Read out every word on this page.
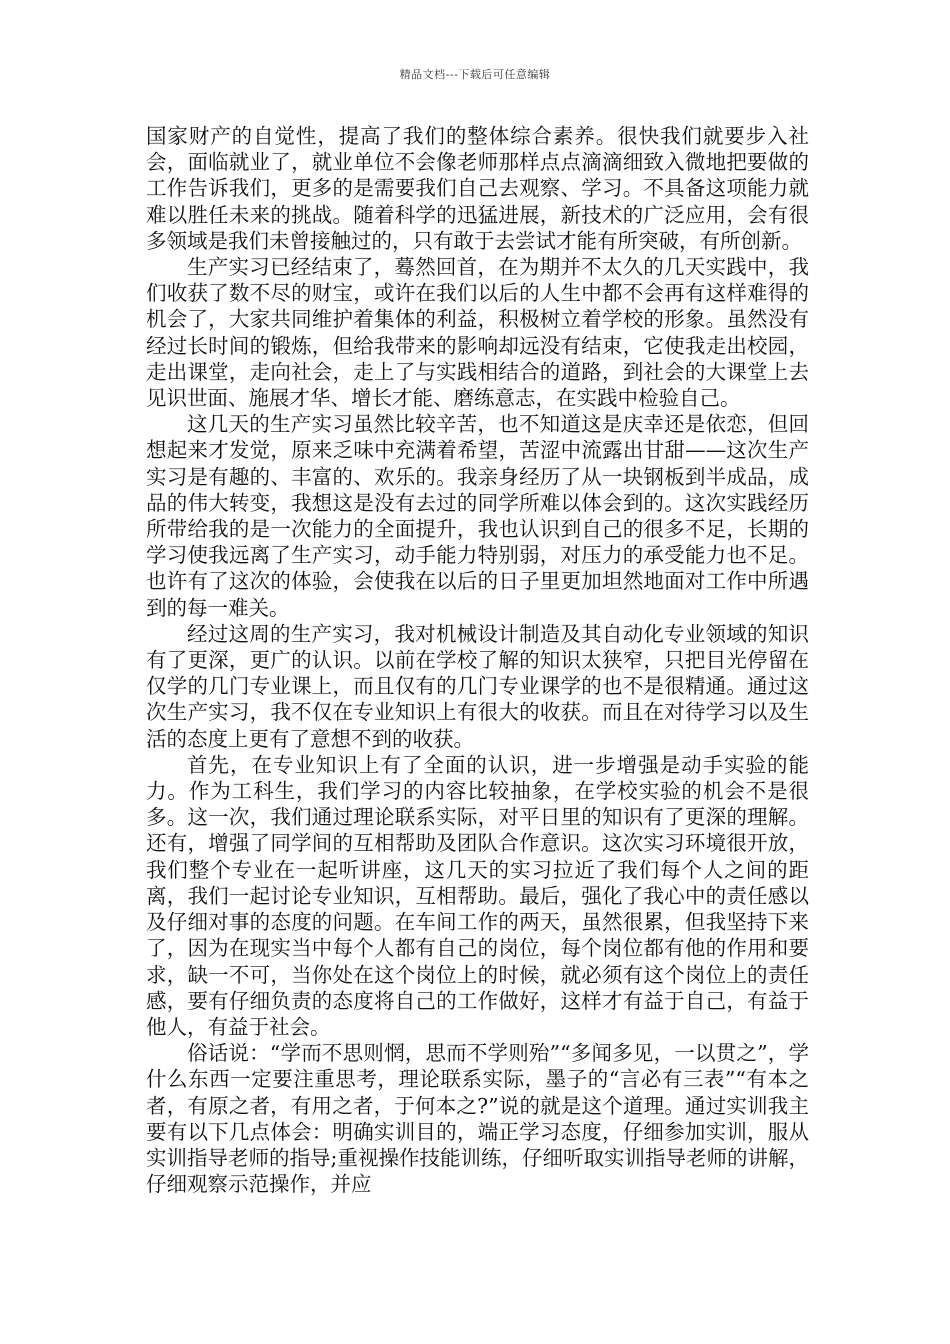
精品文档---下载后可任意编辑

国家财产的自觉性，提高了我们的整体综合素养。很快我们就要步入社会，面临就业了，就业单位不会像老师那样点点滴滴细致入微地把要做的工作告诉我们，更多的是需要我们自己去观察、学习。不具备这项能力就难以胜任未来的挑战。随着科学的迅猛进展，新技术的广泛应用，会有很多领域是我们未曾接触过的，只有敢于去尝试才能有所突破，有所创新。

生产实习已经结束了，蓦然回首，在为期并不太久的几天实践中，我们收获了数不尽的财宝，或许在我们以后的人生中都不会再有这样难得的机会了，大家共同维护着集体的利益，积极树立着学校的形象。虽然没有经过长时间的锻炼，但给我带来的影响却远没有结束，它使我走出校园，走出课堂，走向社会，走上了与实践相结合的道路，到社会的大课堂上去见识世面、施展才华、增长才能、磨练意志，在实践中检验自己。

这几天的生产实习虽然比较辛苦，也不知道这是庆幸还是依恋，但回想起来才发觉，原来乏味中充满着希望，苦涩中流露出甘甜——这次生产实习是有趣的、丰富的、欢乐的。我亲身经历了从一块钢板到半成品，成品的伟大转变，我想这是没有去过的同学所难以体会到的。这次实践经历所带给我的是一次能力的全面提升，我也认识到自己的很多不足，长期的学习使我远离了生产实习，动手能力特别弱，对压力的承受能力也不足。也许有了这次的体验，会使我在以后的日子里更加坦然地面对工作中所遇到的每一难关。

经过这周的生产实习，我对机械设计制造及其自动化专业领域的知识有了更深，更广的认识。以前在学校了解的知识太狭窄，只把目光停留在仅学的几门专业课上，而且仅有的几门专业课学的也不是很精通。通过这次生产实习，我不仅在专业知识上有很大的收获。而且在对待学习以及生活的态度上更有了意想不到的收获。

首先，在专业知识上有了全面的认识，进一步增强是动手实验的能力。作为工科生，我们学习的内容比较抽象，在学校实验的机会不是很多。这一次，我们通过理论联系实际，对平日里的知识有了更深的理解。还有，增强了同学间的互相帮助及团队合作意识。这次实习环境很开放，我们整个专业在一起听讲座，这几天的实习拉近了我们每个人之间的距离，我们一起讨论专业知识，互相帮助。最后，强化了我心中的责任感以及仔细对事的态度的问题。在车间工作的两天，虽然很累，但我坚持下来了，因为在现实当中每个人都有自己的岗位，每个岗位都有他的作用和要求，缺一不可，当你处在这个岗位上的时候，就必须有这个岗位上的责任感，要有仔细负责的态度将自己的工作做好，这样才有益于自己，有益于他人，有益于社会。

俗话说：“学而不思则惘，思而不学则殆”“多闻多见，一以贯之”，学什么东西一定要注重思考，理论联系实际，墨子的“言必有三表”“有本之者，有原之者，有用之者，于何本之?”说的就是这个道理。通过实训我主要有以下几点体会：明确实训目的，端正学习态度，仔细参加实训，服从实训指导老师的指导;重视操作技能训练，仔细听取实训指导老师的讲解，仔细观察示范操作，并应
